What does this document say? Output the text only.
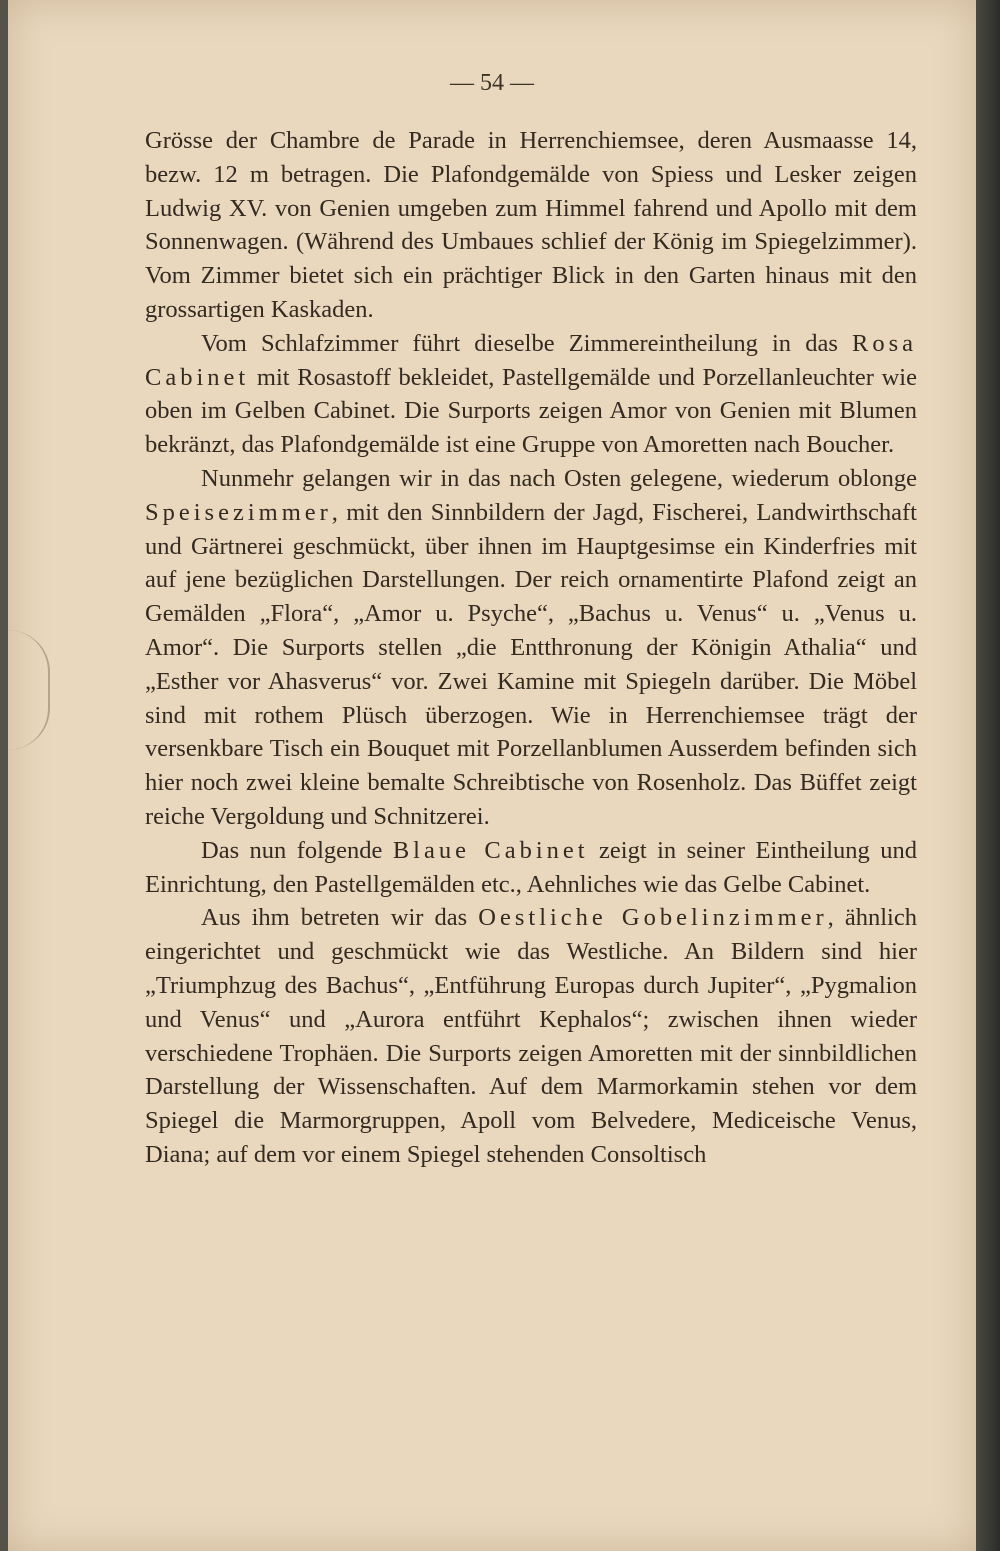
— 54 —

Grösse der Chambre de Parade in Herrenchiemsee, deren Ausmaasse 14, bezw. 12 m betragen. Die Plafondgemälde von Spiess und Lesker zeigen Ludwig XV. von Genien umgeben zum Himmel fahrend und Apollo mit dem Sonnenwagen. (Während des Umbaues schlief der König im Spiegelzimmer). Vom Zimmer bietet sich ein prächtiger Blick in den Garten hinaus mit den grossartigen Kaskaden.

Vom Schlafzimmer führt dieselbe Zimmereintheilung in das Rosa Cabinet mit Rosastoff bekleidet, Pastellgemälde und Porzellanleuchter wie oben im Gelben Cabinet. Die Surports zeigen Amor von Genien mit Blumen bekränzt, das Plafondgemälde ist eine Gruppe von Amoretten nach Boucher.

Nunmehr gelangen wir in das nach Osten gelegene, wiederum oblonge Speisezimmer, mit den Sinnbildern der Jagd, Fischerei, Landwirthschaft und Gärtnerei geschmückt, über ihnen im Hauptgesimse ein Kinderfries mit auf jene bezüglichen Darstellungen. Der reich ornamentirte Plafond zeigt an Gemälden „Flora“, „Amor u. Psyche“, „Bachus u. Venus“ u. „Venus u. Amor“. Die Surports stellen „die Entthronung der Königin Athalia“ und „Esther vor Ahasverus“ vor. Zwei Kamine mit Spiegeln darüber. Die Möbel sind mit rothem Plüsch überzogen. Wie in Herrenchiemsee trägt der versenkbare Tisch ein Bouquet mit Porzellanblumen Ausserdem befinden sich hier noch zwei kleine bemalte Schreibtische von Rosenholz. Das Büffet zeigt reiche Vergoldung und Schnitzerei.

Das nun folgende Blaue Cabinet zeigt in seiner Eintheilung und Einrichtung, den Pastellgemälden etc., Aehnliches wie das Gelbe Cabinet.

Aus ihm betreten wir das Oestliche Gobelinzimmer, ähnlich eingerichtet und geschmückt wie das Westliche. An Bildern sind hier „Triumphzug des Bachus“, „Entführung Europas durch Jupiter“, „Pygmalion und Venus“ und „Aurora entführt Kephalos“; zwischen ihnen wieder verschiedene Trophäen. Die Surports zeigen Amoretten mit der sinnbildlichen Darstellung der Wissenschaften. Auf dem Marmorkamin stehen vor dem Spiegel die Marmorgruppen, Apoll vom Belvedere, Mediceische Venus, Diana; auf dem vor einem Spiegel stehenden Consoltisch
